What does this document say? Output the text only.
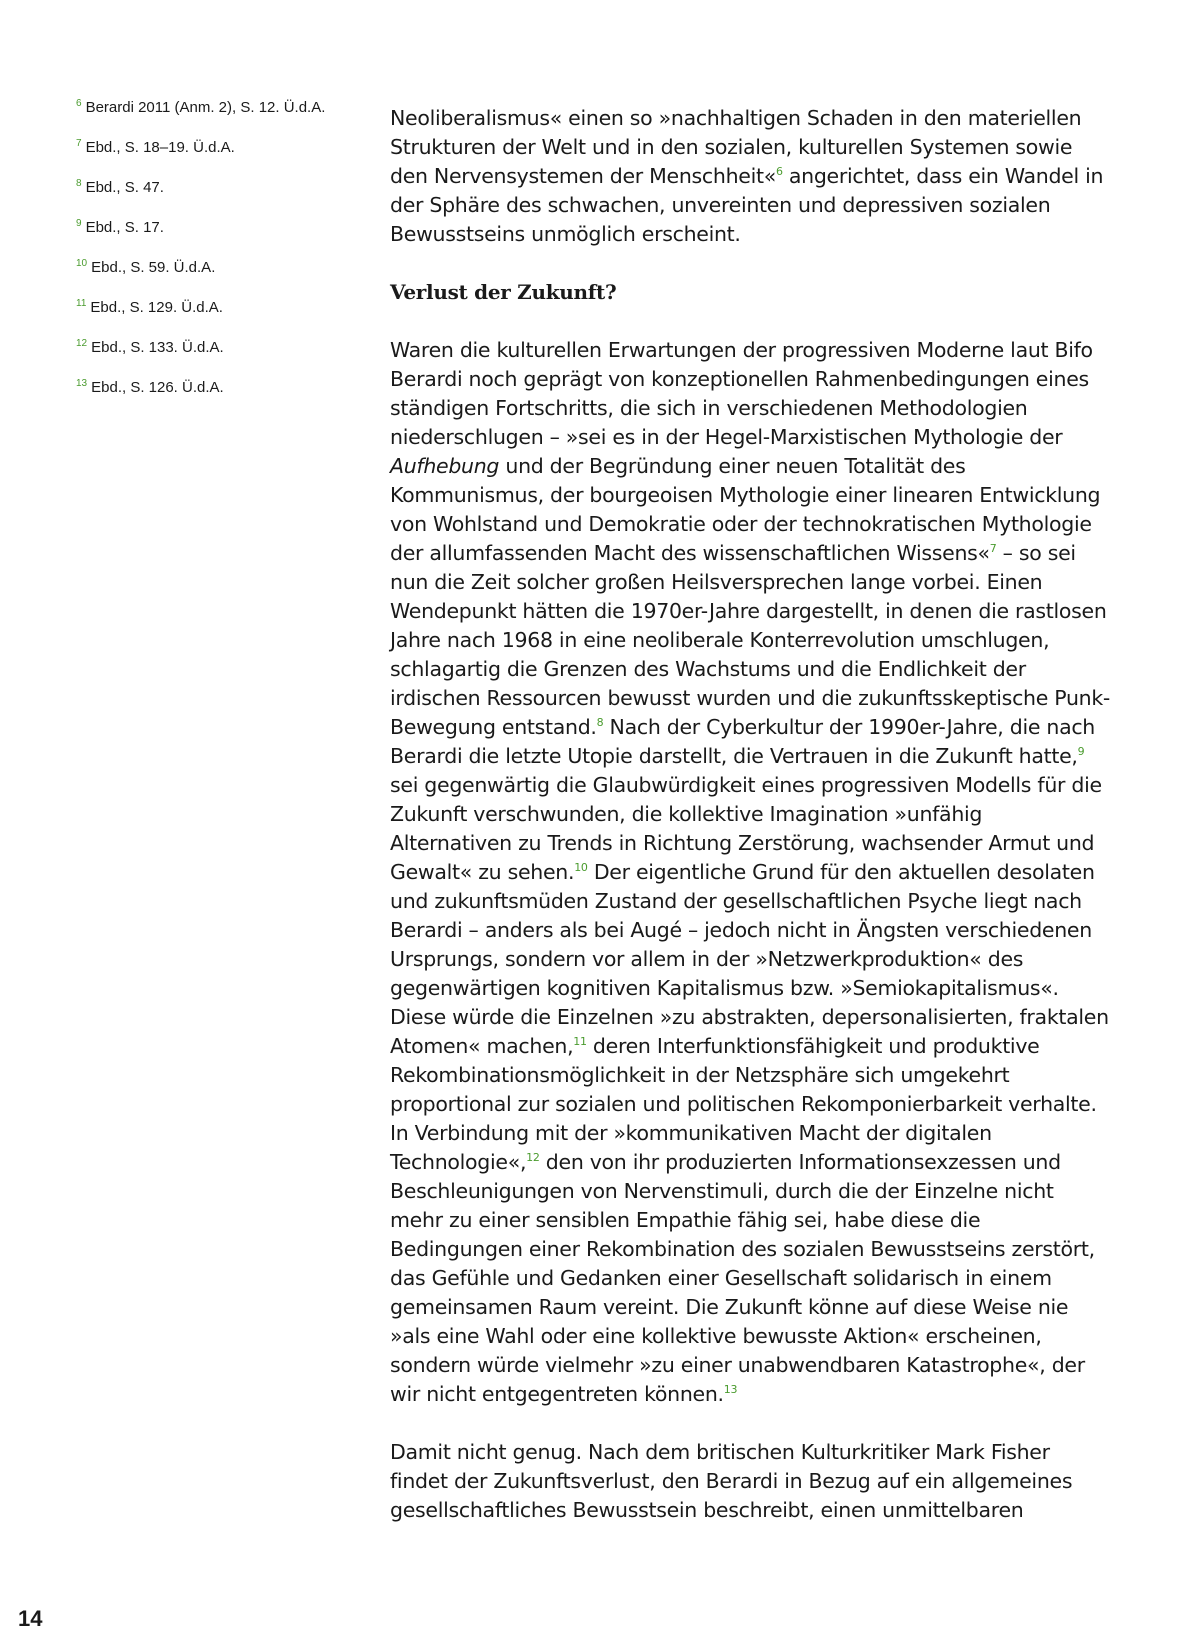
$^6$ Berardi 2011 (Anm. 2), S. 12. Ü.d.A.
$^7$ Ebd., S. 18–19. Ü.d.A.
$^8$ Ebd., S. 47.
$^9$ Ebd., S. 17.
$^{10}$ Ebd., S. 59. Ü.d.A.
$^{11}$ Ebd., S. 129. Ü.d.A.
$^{12}$ Ebd., S. 133. Ü.d.A.
$^{13}$ Ebd., S. 126. Ü.d.A.

Neoliberalismus« einen so »nachhaltigen Schaden in den materiellen Strukturen der Welt und in den sozialen, kulturellen Systemen sowie den Nervensystemen der Menschheit«$^6$ angerichtet, dass ein Wandel in der Sphäre des schwachen, unvereinten und depressiven sozialen Bewusstseins unmöglich erscheint.

Verlust der Zukunft?

Waren die kulturellen Erwartungen der progressiven Moderne laut Bifo Berardi noch geprägt von konzeptionellen Rahmenbedingungen eines ständigen Fortschritts, die sich in verschiedenen Methodologien niederschlugen – »sei es in der Hegel-Marxistischen Mythologie der Aufhebung und der Begründung einer neuen Totalität des Kommunismus, der bourgeoisen Mythologie einer linearen Entwicklung von Wohlstand und Demokratie oder der technokratischen Mythologie der allumfassenden Macht des wissenschaftlichen Wissens«$^7$ – so sei nun die Zeit solcher großen Heilsversprechen lange vorbei. Einen Wendepunkt hätten die 1970er-Jahre dargestellt, in denen die rastlosen Jahre nach 1968 in eine neoliberale Konterrevolution umschlugen, schlagartig die Grenzen des Wachstums und die Endlichkeit der irdischen Ressourcen bewusst wurden und die zukunftsskeptische Punk-Bewegung entstand.$^8$ Nach der Cyberkultur der 1990er-Jahre, die nach Berardi die letzte Utopie darstellt, die Vertrauen in die Zukunft hatte,$^9$ sei gegenwärtig die Glaubwürdigkeit eines progressiven Modells für die Zukunft verschwunden, die kollektive Imagination »unfähig Alternativen zu Trends in Richtung Zerstörung, wachsender Armut und Gewalt« zu sehen.$^{10}$ Der eigentliche Grund für den aktuellen desolaten und zukunftsmüden Zustand der gesellschaftlichen Psyche liegt nach Berardi – anders als bei Augé – jedoch nicht in Ängsten verschiedenen Ursprungs, sondern vor allem in der »Netzwerkproduktion« des gegenwärtigen kognitiven Kapitalismus bzw. »Semiokapitalismus«. Diese würde die Einzelnen »zu abstrakten, depersonalisierten, fraktalen Atomen« machen,$^{11}$ deren Interfunktionsfähigkeit und produktive Rekombinationsmöglichkeit in der Netzsphäre sich umgekehrt proportional zur sozialen und politischen Rekomponierbarkeit verhalte. In Verbindung mit der »kommunikativen Macht der digitalen Technologie«,$^{12}$ den von ihr produzierten Informationsexzessen und Beschleunigungen von Nervenstimuli, durch die der Einzelne nicht mehr zu einer sensiblen Empathie fähig sei, habe diese die Bedingungen einer Rekombination des sozialen Bewusstseins zerstört, das Gefühle und Gedanken einer Gesellschaft solidarisch in einem gemeinsamen Raum vereint. Die Zukunft könne auf diese Weise nie »als eine Wahl oder eine kollektive bewusste Aktion« erscheinen, sondern würde vielmehr »zu einer unabwendbaren Katastrophe«, der wir nicht entgegentreten können.$^{13}$

Damit nicht genug. Nach dem britischen Kulturkritiker Mark Fisher findet der Zukunftsverlust, den Berardi in Bezug auf ein allgemeines gesellschaftliches Bewusstsein beschreibt, einen unmittelbaren

14
